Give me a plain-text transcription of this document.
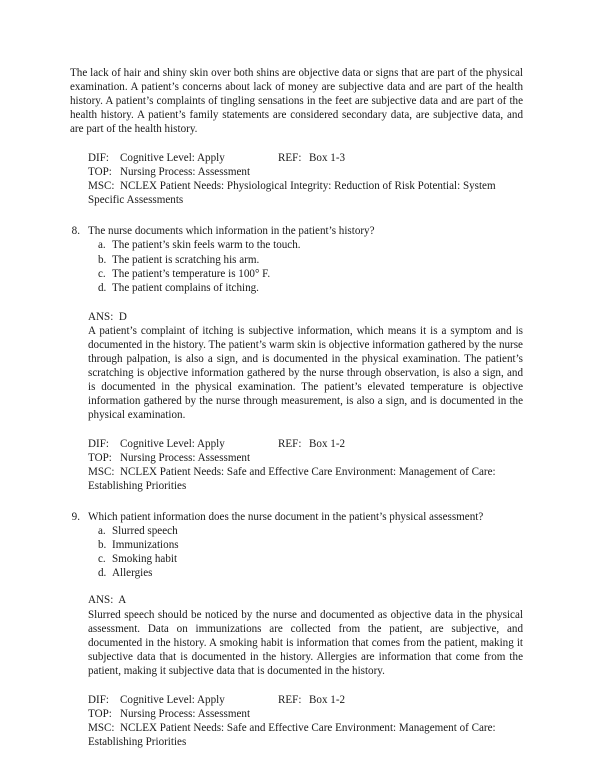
The lack of hair and shiny skin over both shins are objective data or signs that are part of the physical examination. A patient’s concerns about lack of money are subjective data and are part of the health history. A patient’s complaints of tingling sensations in the feet are subjective data and are part of the health history. A patient’s family statements are considered secondary data, are subjective data, and are part of the health history.

DIF: Cognitive Level: Apply	REF: Box 1-3
TOP: Nursing Process: Assessment
MSC: NCLEX Patient Needs: Physiological Integrity: Reduction of Risk Potential: System
Specific Assessments
8. The nurse documents which information in the patient’s history?
a. The patient’s skin feels warm to the touch.
b. The patient is scratching his arm.
c. The patient’s temperature is 100° F.
d. The patient complains of itching.
ANS: D
A patient’s complaint of itching is subjective information, which means it is a symptom and is documented in the history. The patient’s warm skin is objective information gathered by the nurse through palpation, is also a sign, and is documented in the physical examination. The patient’s scratching is objective information gathered by the nurse through observation, is also a sign, and is documented in the physical examination. The patient’s elevated temperature is objective information gathered by the nurse through measurement, is also a sign, and is documented in the physical examination.
DIF: Cognitive Level: Apply	REF: Box 1-2
TOP: Nursing Process: Assessment
MSC: NCLEX Patient Needs: Safe and Effective Care Environment: Management of Care:
Establishing Priorities
9. Which patient information does the nurse document in the patient’s physical assessment?
a. Slurred speech
b. Immunizations
c. Smoking habit
d. Allergies
ANS: A
Slurred speech should be noticed by the nurse and documented as objective data in the physical assessment. Data on immunizations are collected from the patient, are subjective, and documented in the history. A smoking habit is information that comes from the patient, making it subjective data that is documented in the history. Allergies are information that come from the patient, making it subjective data that is documented in the history.
DIF: Cognitive Level: Apply	REF: Box 1-2
TOP: Nursing Process: Assessment
MSC: NCLEX Patient Needs: Safe and Effective Care Environment: Management of Care:
Establishing Priorities
